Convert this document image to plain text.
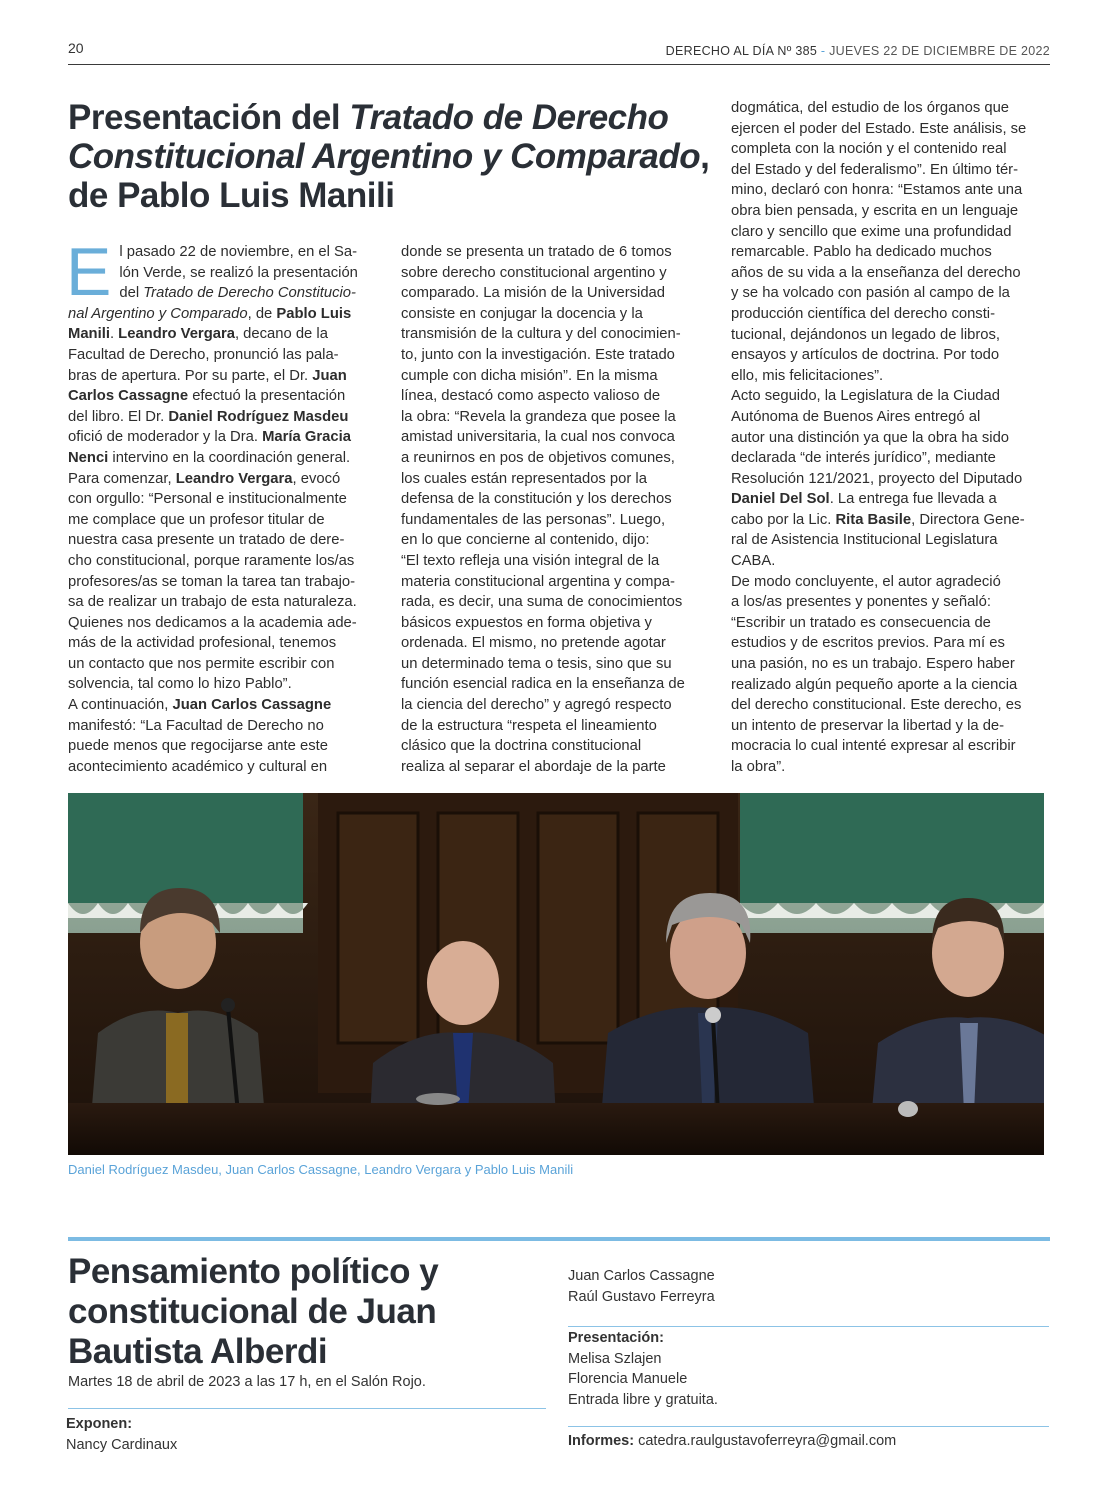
20	DERECHO AL DÍA Nº 385 - JUEVES 22 DE DICIEMBRE DE 2022
Presentación del Tratado de Derecho Constitucional Argentino y Comparado, de Pablo Luis Manili

El pasado 22 de noviembre, en el Sa-
lón Verde, se realizó la presentación
del Tratado de Derecho Constitucio-
nal Argentino y Comparado, de Pablo Luis
Manili. Leandro Vergara, decano de la
Facultad de Derecho, pronunció las pala-
bras de apertura. Por su parte, el Dr. Juan
Carlos Cassagne efectuó la presentación
del libro. El Dr. Daniel Rodríguez Masdeu
ofició de moderador y la Dra. María Gracia
Nenci intervino en la coordinación general.
Para comenzar, Leandro Vergara, evocó
con orgullo: “Personal e institucionalmente
me complace que un profesor titular de
nuestra casa presente un tratado de dere-
cho constitucional, porque raramente los/as
profesores/as se toman la tarea tan trabajo-
sa de realizar un trabajo de esta naturaleza.
Quienes nos dedicamos a la academia ade-
más de la actividad profesional, tenemos
un contacto que nos permite escribir con
solvencia, tal como lo hizo Pablo”.
A continuación, Juan Carlos Cassagne
manifestó: “La Facultad de Derecho no
puede menos que regocijarse ante este
acontecimiento académico y cultural en

donde se presenta un tratado de 6 tomos
sobre derecho constitucional argentino y
comparado. La misión de la Universidad
consiste en conjugar la docencia y la
transmisión de la cultura y del conocimien-
to, junto con la investigación. Este tratado
cumple con dicha misión”. En la misma
línea, destacó como aspecto valioso de
la obra: “Revela la grandeza que posee la
amistad universitaria, la cual nos convoca
a reunirnos en pos de objetivos comunes,
los cuales están representados por la
defensa de la constitución y los derechos
fundamentales de las personas”. Luego,
en lo que concierne al contenido, dijo:
“El texto refleja una visión integral de la
materia constitucional argentina y compa-
rada, es decir, una suma de conocimientos
básicos expuestos en forma objetiva y
ordenada. El mismo, no pretende agotar
un determinado tema o tesis, sino que su
función esencial radica en la enseñanza de
la ciencia del derecho” y agregó respecto
de la estructura “respeta el lineamiento
clásico que la doctrina constitucional
realiza al separar el abordaje de la parte

dogmática, del estudio de los órganos que
ejercen el poder del Estado. Este análisis, se
completa con la noción y el contenido real
del Estado y del federalismo”. En último tér-
mino, declaró con honra: “Estamos ante una
obra bien pensada, y escrita en un lenguaje
claro y sencillo que exime una profundidad
remarcable. Pablo ha dedicado muchos
años de su vida a la enseñanza del derecho
y se ha volcado con pasión al campo de la
producción científica del derecho consti-
tucional, dejándonos un legado de libros,
ensayos y artículos de doctrina. Por todo
ello, mis felicitaciones”.
Acto seguido, la Legislatura de la Ciudad
Autónoma de Buenos Aires entregó al
autor una distinción ya que la obra ha sido
declarada “de interés jurídico”, mediante
Resolución 121/2021, proyecto del Diputado
Daniel Del Sol. La entrega fue llevada a
cabo por la Lic. Rita Basile, Directora Gene-
ral de Asistencia Institucional Legislatura
CABA.
De modo concluyente, el autor agradeció
a los/as presentes y ponentes y señaló:
“Escribir un tratado es consecuencia de
estudios y de escritos previos. Para mí es
una pasión, no es un trabajo. Espero haber
realizado algún pequeño aporte a la ciencia
del derecho constitucional. Este derecho, es
un intento de preservar la libertad y la de-
mocracia lo cual intenté expresar al escribir
la obra”.

Daniel Rodríguez Masdeu, Juan Carlos Cassagne, Leandro Vergara y Pablo Luis Manili
Pensamiento político y constitucional de Juan Bautista Alberdi
Martes 18 de abril de 2023 a las 17 h, en el Salón Rojo.
Exponen:
Nancy Cardinaux
Juan Carlos Cassagne
Raúl Gustavo Ferreyra
Presentación:
Melisa Szlajen
Florencia Manuele
Entrada libre y gratuita.
Informes: catedra.raulgustavoferreyra@gmail.com
